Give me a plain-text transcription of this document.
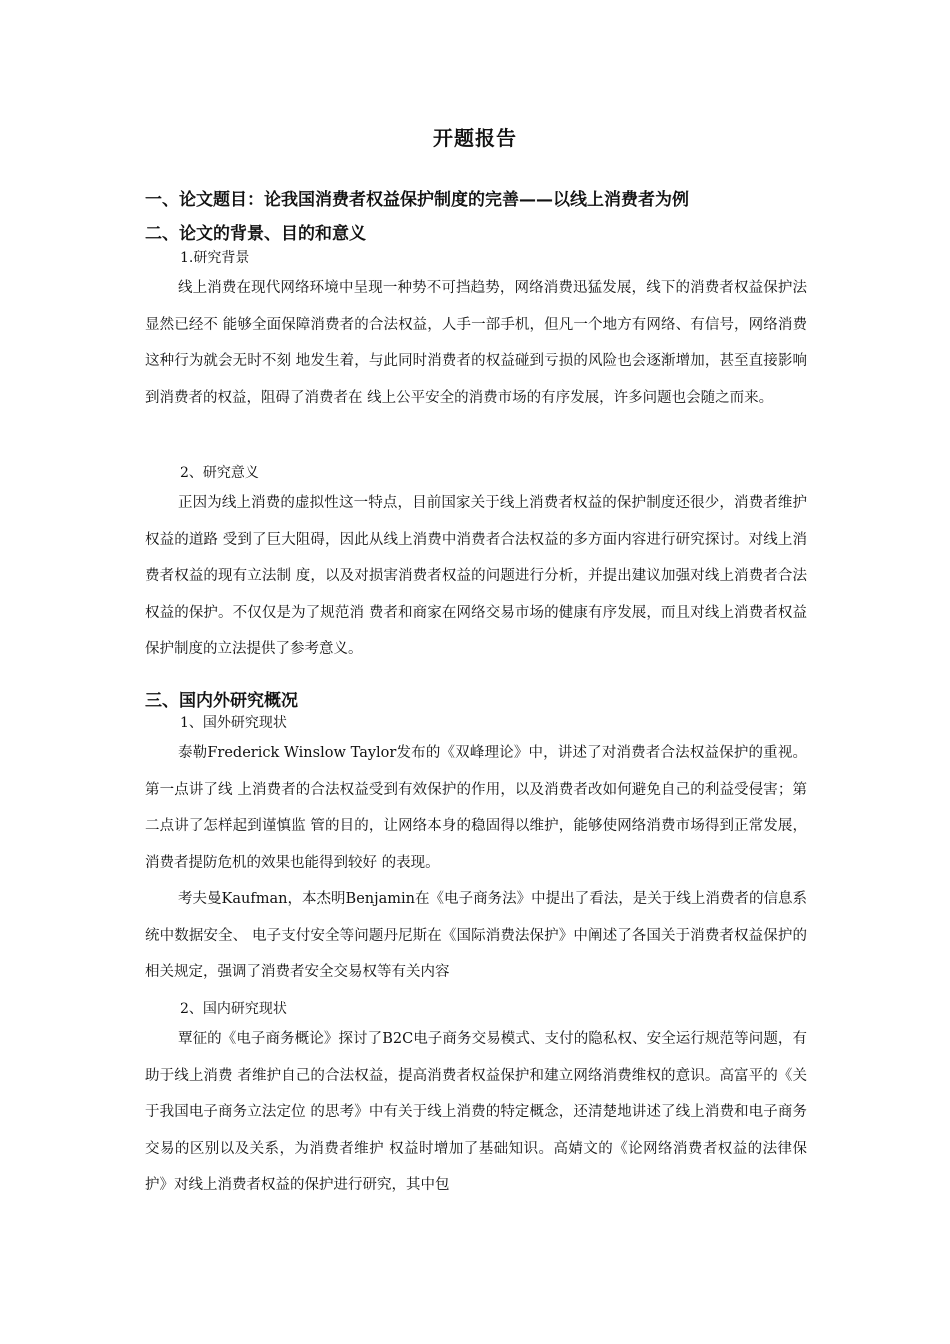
开题报告
一、论文题目：论我国消费者权益保护制度的完善——以线上消费者为例
二、论文的背景、目的和意义
1.研究背景

线上消费在现代网络环境中呈现一种势不可挡趋势，网络消费迅猛发展，线下的消费者权益保护法显然已经不 能够全面保障消费者的合法权益，人手一部手机，但凡一个地方有网络、有信号，网络消费这种行为就会无时不刻 地发生着，与此同时消费者的权益碰到亏损的风险也会逐渐增加，甚至直接影响到消费者的权益，阻碍了消费者在 线上公平安全的消费市场的有序发展，许多问题也会随之而来。

2、研究意义

正因为线上消费的虚拟性这一特点，目前国家关于线上消费者权益的保护制度还很少，消费者维护权益的道路 受到了巨大阻碍，因此从线上消费中消费者合法权益的多方面内容进行研究探讨。对线上消费者权益的现有立法制 度，以及对损害消费者权益的问题进行分析，并提出建议加强对线上消费者合法权益的保护。不仅仅是为了规范消 费者和商家在网络交易市场的健康有序发展，而且对线上消费者权益保护制度的立法提供了参考意义。

三、国内外研究概况
1、国外研究现状

泰勒Frederick Winslow Taylor发布的《双峰理论》中，讲述了对消费者合法权益保护的重视。第一点讲了线 上消费者的合法权益受到有效保护的作用，以及消费者改如何避免自己的利益受侵害；第二点讲了怎样起到谨慎监 管的目的，让网络本身的稳固得以维护，能够使网络消费市场得到正常发展，消费者提防危机的效果也能得到较好 的表现。

考夫曼Kaufman，本杰明Benjamin在《电子商务法》中提出了看法，是关于线上消费者的信息系统中数据安全、 电子支付安全等问题丹尼斯在《国际消费法保护》中阐述了各国关于消费者权益保护的相关规定，强调了消费者安全交易权等有关内容

2、国内研究现状

覃征的《电子商务概论》探讨了B2C电子商务交易模式、支付的隐私权、安全运行规范等问题，有助于线上消费 者维护自己的合法权益，提高消费者权益保护和建立网络消费维权的意识。高富平的《关于我国电子商务立法定位 的思考》中有关于线上消费的特定概念，还清楚地讲述了线上消费和电子商务交易的区别以及关系，为消费者维护 权益时增加了基础知识。高婧文的《论网络消费者权益的法律保护》对线上消费者权益的保护进行研究，其中包
